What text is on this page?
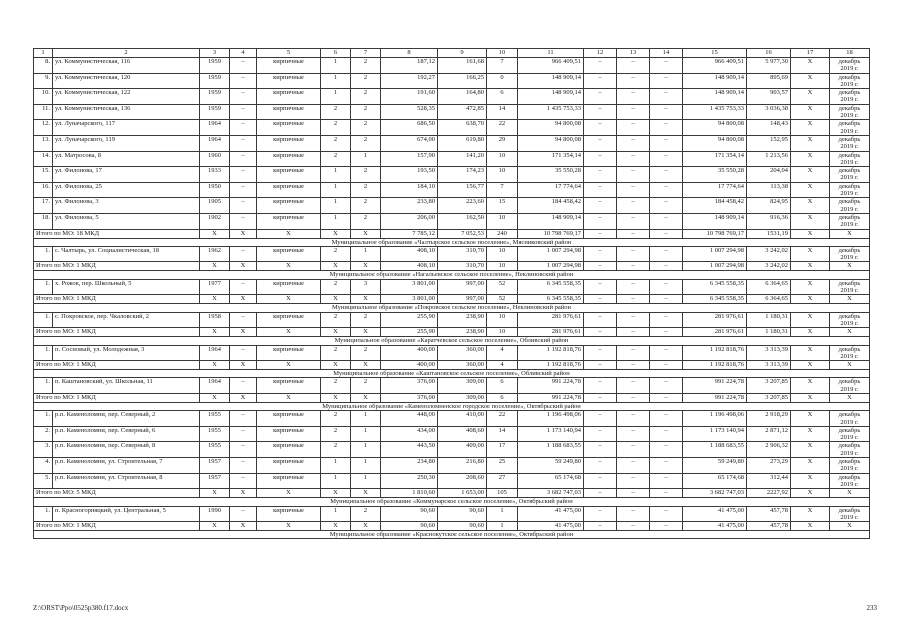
1	2	3	4	5	6	7	8	9	10	11	12	13	14	15	16	17	18
8.	ул. Коммунистическая, 116	1959	–	кирпичные	1	2	187,12	161,68	7	966 409,51	–	–	–	966 409,51	5 977,30	Х	декабрь 2019 г.
9.	ул. Коммунистическая, 120	1959	–	кирпичные	1	2	192,27	166,25	0	148 909,14	–	–	–	148 909,14	895,69	Х	декабрь 2019 г.
10.	ул. Коммунистическая, 122	1959	–	кирпичные	1	2	191,60	164,80	6	148 909,14	–	–	–	148 909,14	903,57	Х	декабрь 2019 г.
11.	ул. Коммунистическая, 136	1959	–	кирпичные	2	2	528,35	472,85	14	1 435 753,33	–	–	–	1 435 753,33	3 036,38	Х	декабрь 2019 г.
12.	ул. Луначарского, 117	1964	–	кирпичные	2	2	686,50	638,70	22	94 800,08	–	–	–	94 800,08	148,43	Х	декабрь 2019 г.
13.	ул. Луначарского, 119	1964	–	кирпичные	2	2	674,00	619,80	29	94 800,08	–	–	–	94 800,08	152,95	Х	декабрь 2019 г.
14.	ул. Матросова, 8	1960	–	кирпичные	2	1	157,90	141,20	10	171 354,14	–	–	–	171 354,14	1 213,56	Х	декабрь 2019 г.
15.	ул. Филонова, 17	1933	–	кирпичные	1	2	193,50	174,23	10	35 550,28	–	–	–	35 550,28	204,04	Х	декабрь 2019 г.
16.	ул. Филонова, 25	1950	–	кирпичные	1	2	184,10	156,77	7	17 774,64	–	–	–	17 774,64	113,38	Х	декабрь 2019 г.
17.	ул. Филонова, 3	1905	–	кирпичные	1	2	233,80	223,60	15	184 458,42	–	–	–	184 458,42	824,95	Х	декабрь 2019 г.
18.	ул. Филонова, 5	1902	–	кирпичные	1	2	206,00	162,50	10	148 909,14	–	–	–	148 909,14	916,36	Х	декабрь 2019 г.
Итого по МО: 18 МКД		Х	Х	Х	Х	Х	7 785,12	7 052,53	240	10 798 769,17	–	–	–	10 798 769,17	1531,19	Х	Х
Муниципальное образование «Чалтырское сельское поселение», Мясниковский район																	
1.	с. Чалтырь, ул. Социалистическая, 18	1962	–	кирпичные	2	1	408,10	310,70	10	1 007 294,98	–	–	–	1 007 294,98	3 242,02	Х	декабрь 2019 г.
Итого по МО: 1 МКД		Х	Х	Х	Х	Х	408,10	310,70	10	1 007 294,98	–	–	–	1 007 294,98	3 242,02	Х	Х
Муниципальное образование «Нагальевское сельское поселение», Неклиновский район																	
1.	х. Рожок, пер. Школьный, 5	1977	–	кирпичные	2	3	3 801,00	997,00	52	6 345 558,35	–	–	–	6 345 558,35	6 364,65	Х	декабрь 2019 г.
Итого по МО: 1 МКД		Х	Х	Х	Х	Х	3 801,00	997,00	52	6 345 558,35	–	–	–	6 345 558,35	6 364,65	Х	Х
Муниципальное образование «Покровское сельское поселение», Неклиновский район																	
1.	с. Покровское, пер. Чкаловский, 2	1958	–	кирпичные	2	2	255,90	238,90	10	281 976,61	–	–	–	281 976,61	1 180,31	Х	декабрь 2019 г.
Итого по МО: 1 МКД		Х	Х	Х	Х	Х	255,90	238,90	10	281 976,61	–	–	–	281 976,61	1 180,31	Х	Х
Муниципальное образование «Каратчевское сельское поселение», Обливский район																	
1.	п. Сосновый, ул. Молодежная, 3	1964	–	кирпичные	2	2	400,00	360,00	4	1 192 818,76	–	–	–	1 192 818,76	3 313,39	Х	декабрь 2019 г.
Итого по МО: 1 МКД		Х	Х	Х	Х	Х	400,00	360,00	4	1 192 818,76	–	–	–	1 192 818,76	3 313,39	Х	Х
Муниципальное образование «Каштановское сельское поселение», Обливский район																	
1.	п. Каштановский, ул. Школьная, 11	1964	–	кирпичные	2	2	376,00	309,00	6	991 224,78	–	–	–	991 224,78	3 207,85	Х	декабрь 2019 г.
Итого по МО: 1 МКД		Х	Х	Х	Х	Х	376,00	309,00	6	991 224,78	–	–	–	991 224,78	3 207,85	Х	Х
Муниципальное образование «Каменоломненское городское поселение», Октябрьский район																	
1.	р.п. Каменоломни, пер. Северный, 2	1955	–	кирпичные	2	1	448,00	410,00	22	1 196 498,06	–	–	–	1 196 498,06	2 918,29	Х	декабрь 2019 г.
2.	р.п. Каменоломни, пер. Северный, 6	1955	–	кирпичные	2	1	434,00	408,60	14	1 173 140,94	–	–	–	1 173 140,94	2 871,12	Х	декабрь 2019 г.
3.	р.п. Каменоломни, пер. Северный, 8	1955	–	кирпичные	2	1	443,50	409,00	17	1 188 683,55	–	–	–	1 188 683,55	2 906,32	Х	декабрь 2019 г.
4.	р.п. Каменоломни, ул. Строительная, 7	1957	–	кирпичные	1	1	234,80	216,80	25	59 249,80	–	–	–	59 249,80	273,29	Х	декабрь 2019 г.
5.	р.п. Каменоломни, ул. Строительная, 8	1957	–	кирпичные	1	1	250,30	208,60	27	65 174,68	–	–	–	65 174,68	312,44	Х	декабрь 2019 г.
Итого по МО: 5 МКД		Х	Х	Х	Х	Х	1 810,60	1 653,00	105	3 682 747,03	–	–	–	3 682 747,03	2227,92	Х	Х
Муниципальное образование «Коммунарское сельское поселение», Октябрьский район																	
1.	п. Красногорняцкий, ул. Центральная, 5	1990	–	кирпичные	1	2	90,60	90,60	1	41 475,00	–	–	–	41 475,00	457,78	Х	декабрь 2019 г.
Итого по МО: 1 МКД		Х	Х	Х	Х	Х	90,60	90,60	1	41 475,00	–	–	–	41 475,00	457,78	Х	Х
Муниципальное образование «Краснокутское сельское поселение», Октябрьский район																	
Z:\ORST\Ppo\0525p380.f17.docx	233
